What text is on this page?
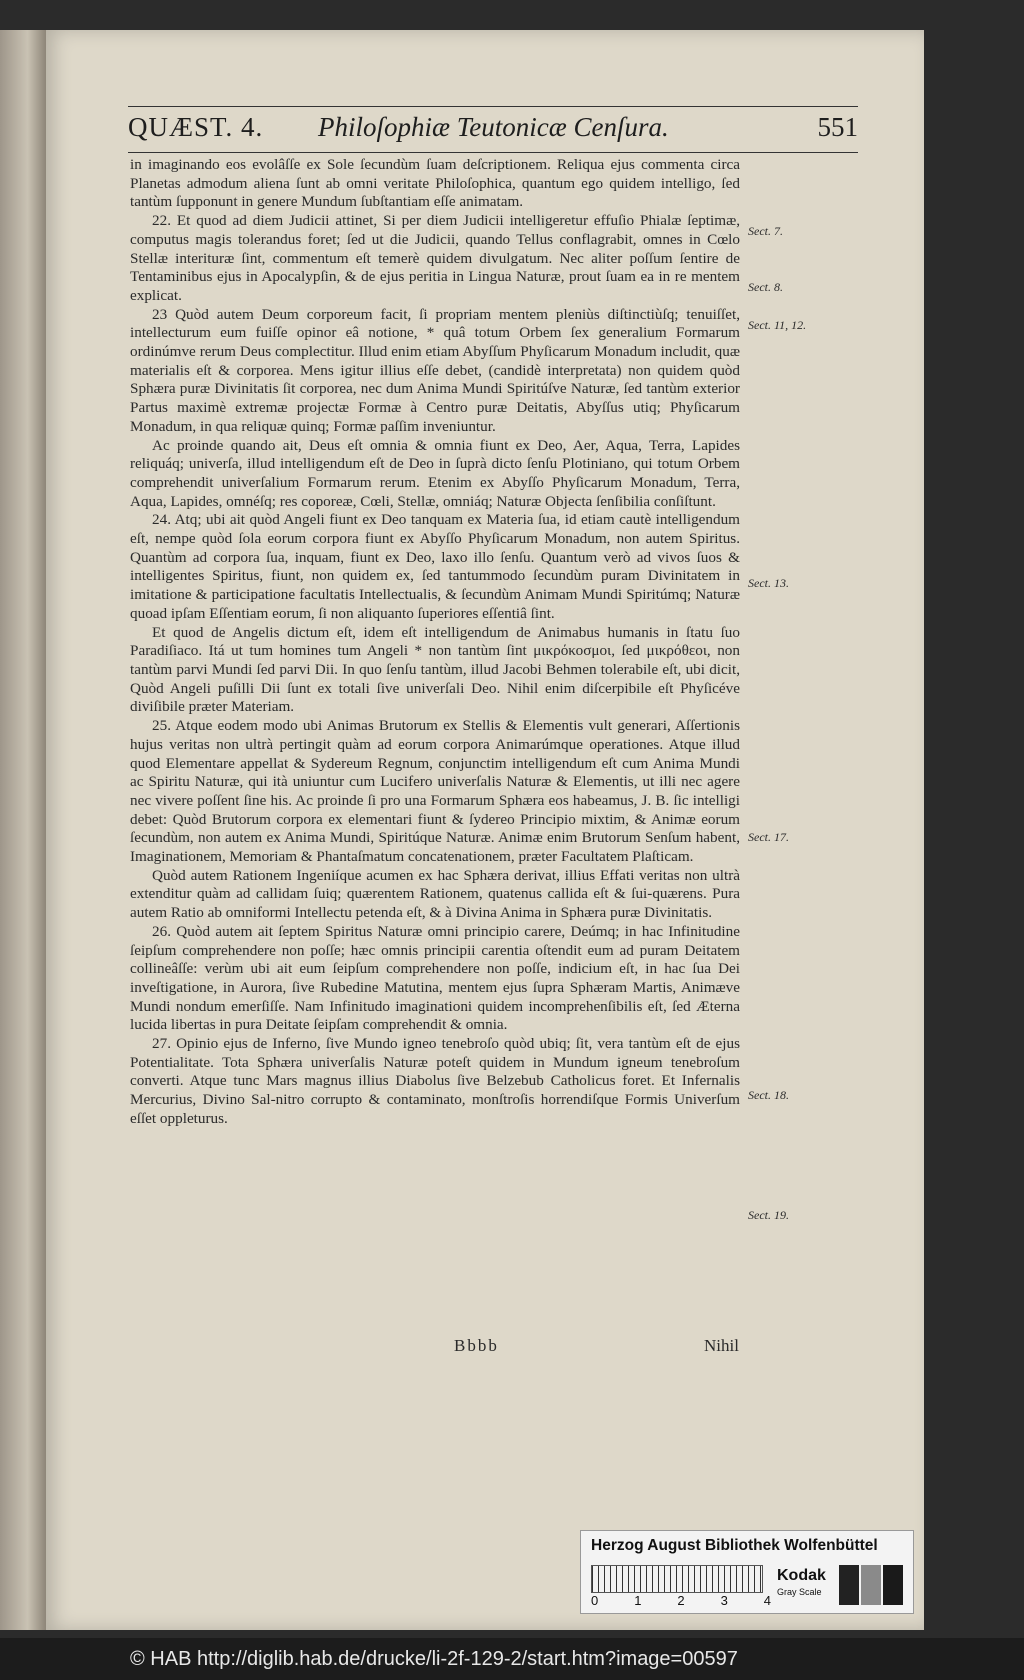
QUÆST. 4. Philoſophiæ Teutonicæ Cenſura.	551

in imaginando eos evolâſſe ex Sole ſecundùm ſuam deſcriptionem. Reliqua ejus commenta circa Planetas admodum aliena ſunt ab omni veritate Philoſophica, quantum ego quidem intelligo, ſed tantùm ſupponunt in genere Mundum ſubſtantiam eſſe animatam.

22. Et quod ad diem Judicii attinet, Si per diem Judicii intelligeretur effuſio Phialæ ſeptimæ, computus magis tolerandus foret; ſed ut die Judicii, quando Tellus conflagrabit, omnes in Cœlo Stellæ interituræ ſint, commentum eſt temerè quidem divulgatum. Nec aliter poſſum ſentire de Tentaminibus ejus in Apocalypſin, & de ejus peritia in Lingua Naturæ, prout ſuam ea in re mentem explicat.

23 Quòd autem Deum corporeum facit, ſi propriam mentem pleniùs diſtinctiùſq; tenuiſſet, intellecturum eum fuiſſe opinor eâ notione, * quâ totum Orbem ſex generalium Formarum ordinúmve rerum Deus complectitur. Illud enim etiam Abyſſum Phyſicarum Monadum includit, quæ materialis eſt & corporea. Mens igitur illius eſſe debet, (candidè interpretata) non quidem quòd Sphæra puræ Divinitatis ſit corporea, nec dum Anima Mundi Spiritúſve Naturæ, ſed tantùm exterior Partus maximè extremæ projectæ Formæ à Centro puræ Deitatis, Abyſſus utiq; Phyſicarum Monadum, in qua reliquæ quinq; Formæ paſſim inveniuntur.

Ac proinde quando ait, Deus eſt omnia & omnia fiunt ex Deo, Aer, Aqua, Terra, Lapides reliquáq; univerſa, illud intelligendum eſt de Deo in ſuprà dicto ſenſu Plotiniano, qui totum Orbem comprehendit univerſalium Formarum rerum. Etenim ex Abyſſo Phyſicarum Monadum, Terra, Aqua, Lapides, omnéſq; res coporeæ, Cœli, Stellæ, omniáq; Naturæ Objecta ſenſibilia conſiſtunt.

24. Atq; ubi ait quòd Angeli fiunt ex Deo tanquam ex Materia ſua, id etiam cautè intelligendum eſt, nempe quòd ſola eorum corpora fiunt ex Abyſſo Phyſicarum Monadum, non autem Spiritus. Quantùm ad corpora ſua, inquam, fiunt ex Deo, laxo illo ſenſu. Quantum verò ad vivos ſuos & intelligentes Spiritus, fiunt, non quidem ex, ſed tantummodo ſecundùm puram Divinitatem in imitatione & participatione facultatis Intellectualis, & ſecundùm Animam Mundi Spiritúmq; Naturæ quoad ipſam Eſſentiam eorum, ſi non aliquanto ſuperiores eſſentiâ ſint.

Et quod de Angelis dictum eſt, idem eſt intelligendum de Animabus humanis in ſtatu ſuo Paradiſiaco. Itá ut tum homines tum Angeli * non tantùm ſint μικρόκοσμοι, ſed μικρόθεοι, non tantùm parvi Mundi ſed parvi Dii. In quo ſenſu tantùm, illud Jacobi Behmen tolerabile eſt, ubi dicit, Quòd Angeli puſilli Dii ſunt ex totali ſive univerſali Deo. Nihil enim diſcerpibile eſt Phyſicéve diviſibile præter Materiam.

25. Atque eodem modo ubi Animas Brutorum ex Stellis & Elementis vult generari, Aſſertionis hujus veritas non ultrà pertingit quàm ad eorum corpora Animarúmque operationes. Atque illud quod Elementare appellat & Sydereum Regnum, conjunctim intelligendum eſt cum Anima Mundi ac Spiritu Naturæ, qui ità uniuntur cum Lucifero univerſalis Naturæ & Elementis, ut illi nec agere nec vivere poſſent ſine his. Ac proinde ſi pro una Formarum Sphæra eos habeamus, J. B. ſic intelligi debet: Quòd Brutorum corpora ex elementari fiunt & ſydereo Principio mixtim, & Animæ eorum ſecundùm, non autem ex Anima Mundi, Spiritúque Naturæ. Animæ enim Brutorum Senſum habent, Imaginationem, Memoriam & Phantaſmatum concatenationem, præter Facultatem Plaſticam.

Quòd autem Rationem Ingeniíque acumen ex hac Sphæra derivat, illius Effati veritas non ultrà extenditur quàm ad callidam ſuiq; quærentem Rationem, quatenus callida eſt & ſui-quærens. Pura autem Ratio ab omniformi Intellectu petenda eſt, & à Divina Anima in Sphæra puræ Divinitatis.

26. Quòd autem ait ſeptem Spiritus Naturæ omni principio carere, Deúmq; in hac Infinitudine ſeipſum comprehendere non poſſe; hæc omnis principii carentia oſtendit eum ad puram Deitatem collineâſſe: verùm ubi ait eum ſeipſum comprehendere non poſſe, indicium eſt, in hac ſua Dei inveſtigatione, in Aurora, ſive Rubedine Matutina, mentem ejus ſupra Sphæram Martis, Animæve Mundi nondum emerſiſſe. Nam Infinitudo imaginationi quidem incomprehenſibilis eſt, ſed Æterna lucida libertas in pura Deitate ſeipſam comprehendit & omnia.

27. Opinio ejus de Inferno, ſive Mundo igneo tenebroſo quòd ubiq; ſit, vera tantùm eſt de ejus Potentialitate. Tota Sphæra univerſalis Naturæ poteſt quidem in Mundum igneum tenebroſum converti. Atque tunc Mars magnus illius Diabolus ſive Belzebub Catholicus foret. Et Infernalis Mercurius, Divino Sal-nitro corrupto & contaminato, monſtroſis horrendiſque Formis Univerſum eſſet oppleturus.

Sect. 7.
Sect. 8.
Sect. 11, 12.
Sect. 13.
Sect. 17.
Sect. 18.
Sect. 19.
Bbbb	Nihil
Herzog August Bibliothek Wolfenbüttel
0	1	2	3	4
Kodak
Gray Scale
© HAB http://diglib.hab.de/drucke/li-2f-129-2/start.htm?image=00597
